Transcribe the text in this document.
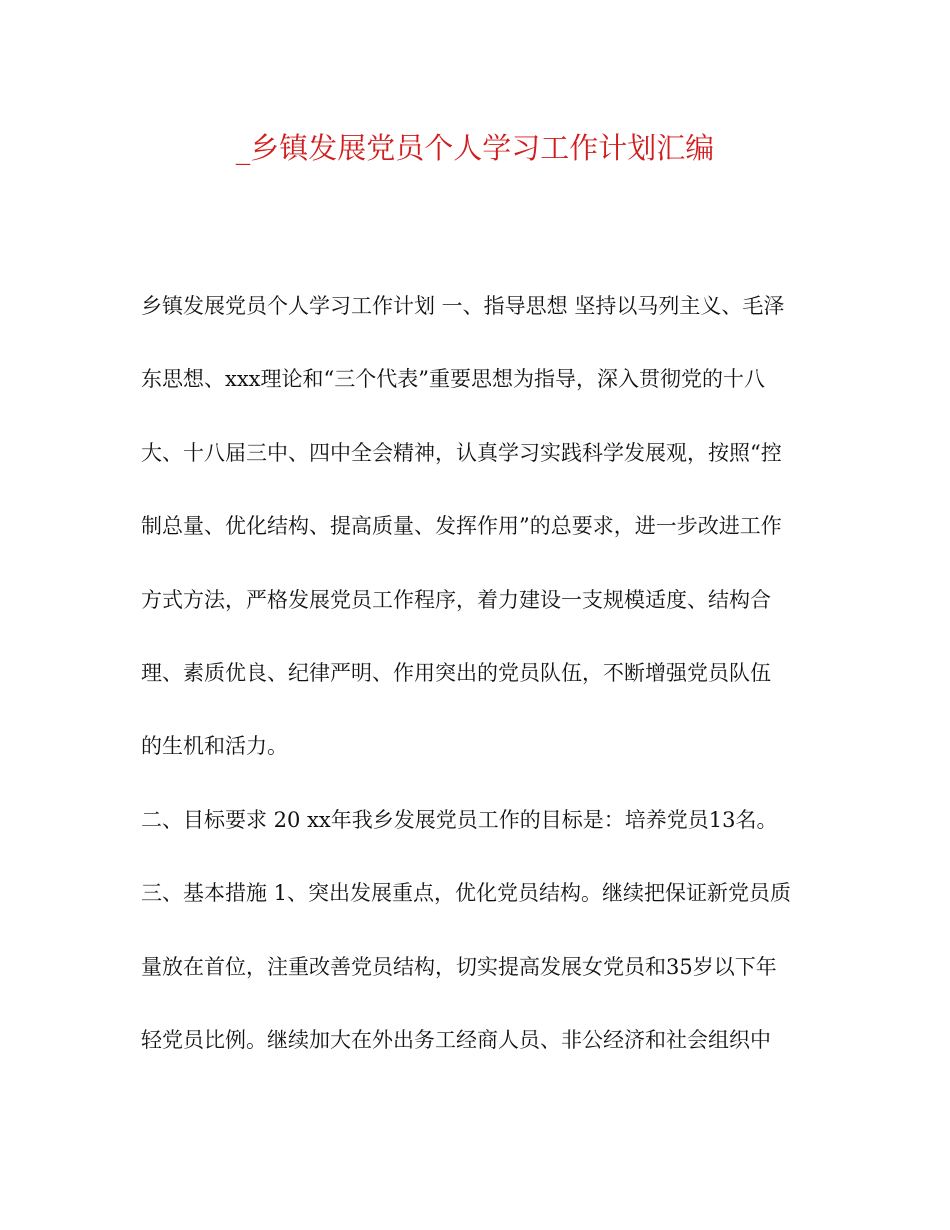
_乡镇发展党员个人学习工作计划汇编
乡镇发展党员个人学习工作计划 一、指导思想 坚持以马列主义、毛泽
东思想、xxx理论和“三个代表”重要思想为指导，深入贯彻党的十八
大、十八届三中、四中全会精神，认真学习实践科学发展观，按照“控
制总量、优化结构、提高质量、发挥作用”的总要求，进一步改进工作
方式方法，严格发展党员工作程序，着力建设一支规模适度、结构合
理、素质优良、纪律严明、作用突出的党员队伍，不断增强党员队伍
的生机和活力。
二、目标要求 20 xx年我乡发展党员工作的目标是：培养党员13名。
三、基本措施 1、突出发展重点，优化党员结构。继续把保证新党员质
量放在首位，注重改善党员结构，切实提高发展女党员和35岁以下年
轻党员比例。继续加大在外出务工经商人员、非公经济和社会组织中
